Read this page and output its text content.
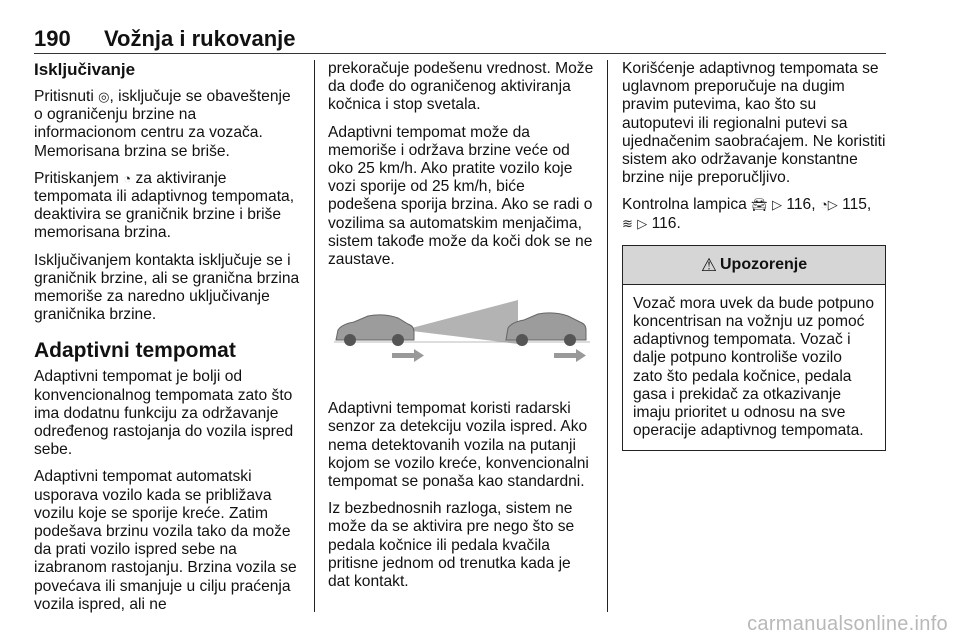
190 Vožnja i rukovanje
Isključivanje

Pritisnuti ◎, isključuje se obaveštenje o ograničenju brzine na informacionom centru za vozača. Memorisana brzina se briše.

Pritiskanjem ◔ za aktiviranje tempomata ili adaptivnog tempomata, deaktivira se graničnik brzine i briše memorisana brzina.

Isključivanjem kontakta isključuje se i graničnik brzine, ali se granična brzina memoriše za naredno uključivanje graničnika brzine.

Adaptivni tempomat

Adaptivni tempomat je bolji od konvencionalnog tempomata zato što ima dodatnu funkciju za održavanje određenog rastojanja do vozila ispred sebe.

Adaptivni tempomat automatski usporava vozilo kada se približava vozilu koje se sporije kreće. Zatim podešava brzinu vozila tako da može da prati vozilo ispred sebe na izabranom rastojanju. Brzina vozila se povećava ili smanjuje u cilju praćenja vozila ispred, ali ne

prekoračuje podešenu vrednost. Može da dođe do ograničenog aktiviranja kočnica i stop svetala.

Adaptivni tempomat može da memoriše i održava brzine veće od oko 25 km/h. Ako pratite vozilo koje vozi sporije od 25 km/h, biće podešena sporija brzina. Ako se radi o vozilima sa automatskim menjačima, sistem takođe može da koči dok se ne zaustave.

Adaptivni tempomat koristi radarski senzor za detekciju vozila ispred. Ako nema detektovanih vozila na putanji kojom se vozilo kreće, konvencionalni tempomat se ponaša kao standardni.

Iz bezbednosnih razloga, sistem ne može da se aktivira pre nego što se pedala kočnice ili pedala kvačila pritisne jednom od trenutka kada je dat kontakt.

Korišćenje adaptivnog tempomata se uglavnom preporučuje na dugim pravim putevima, kao što su autoputevi ili regionalni putevi sa ujednačenim saobraćajem. Ne koristiti sistem ako održavanje konstantne brzine nije preporučljivo.

Kontrolna lampica 🚘︎ ▷ 116, ◔▷ 115,
≋ ▷ 116.

⚠ Upozorenje
Vozač mora uvek da bude potpuno koncentrisan na vožnju uz pomoć adaptivnog tempomata. Vozač i dalje potpuno kontroliše vozilo zato što pedala kočnice, pedala gasa i prekidač za otkazivanje imaju prioritet u odnosu na sve operacije adaptivnog tempomata.
carmanualsonline.info
